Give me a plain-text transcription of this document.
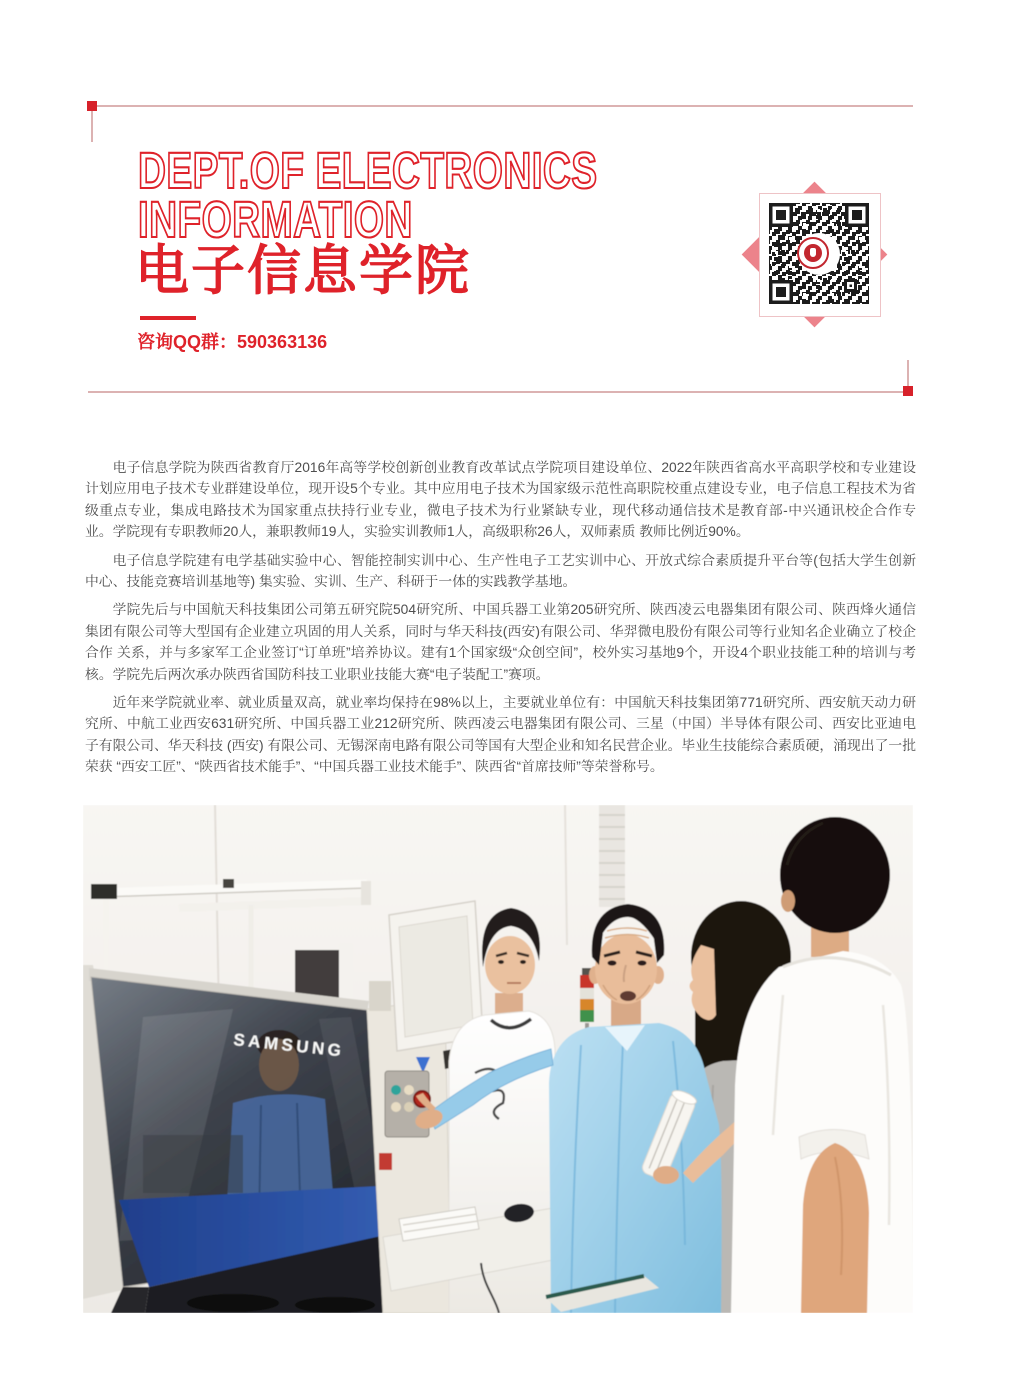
DEPT.OF ELECTRONICS
INFORMATION
电子信息学院
咨询QQ群：590363136

电子信息学院为陕西省教育厅2016年高等学校创新创业教育改革试点学院项目建设单位、2022年陕西省高水平高职学校和专业建设计划应用电子技术专业群建设单位，现开设5个专业。其中应用电子技术为国家级示范性高职院校重点建设专业，电子信息工程技术为省级重点专业，集成电路技术为国家重点扶持行业专业，微电子技术为行业紧缺专业，现代移动通信技术是教育部-中兴通讯校企合作专业。学院现有专职教师20人，兼职教师19人，实验实训教师1人，高级职称26人，双师素质 教师比例近90%。

电子信息学院建有电学基础实验中心、智能控制实训中心、生产性电子工艺实训中心、开放式综合素质提升平台等(包括大学生创新中心、技能竞赛培训基地等) 集实验、实训、生产、科研于一体的实践教学基地。

学院先后与中国航天科技集团公司第五研究院504研究所、中国兵器工业第205研究所、陕西凌云电器集团有限公司、陕西烽火通信集团有限公司等大型国有企业建立巩固的用人关系，同时与华天科技(西安)有限公司、华羿微电股份有限公司等行业知名企业确立了校企合作 关系，并与多家军工企业签订“订单班”培养协议。建有1个国家级“众创空间”，校外实习基地9个，开设4个职业技能工种的培训与考核。学院先后两次承办陕西省国防科技工业职业技能大赛“电子装配工”赛项。

近年来学院就业率、就业质量双高，就业率均保持在98%以上，主要就业单位有：中国航天科技集团第771研究所、西安航天动力研究所、中航工业西安631研究所、中国兵器工业212研究所、陕西凌云电器集团有限公司、三星（中国）半导体有限公司、西安比亚迪电子有限公司、华天科技 (西安) 有限公司、无锡深南电路有限公司等国有大型企业和知名民营企业。毕业生技能综合素质硬，涌现出了一批荣获 “西安工匠”、“陕西省技术能手”、“中国兵器工业技术能手”、陕西省“首席技师”等荣誉称号。

SAMSUNG
